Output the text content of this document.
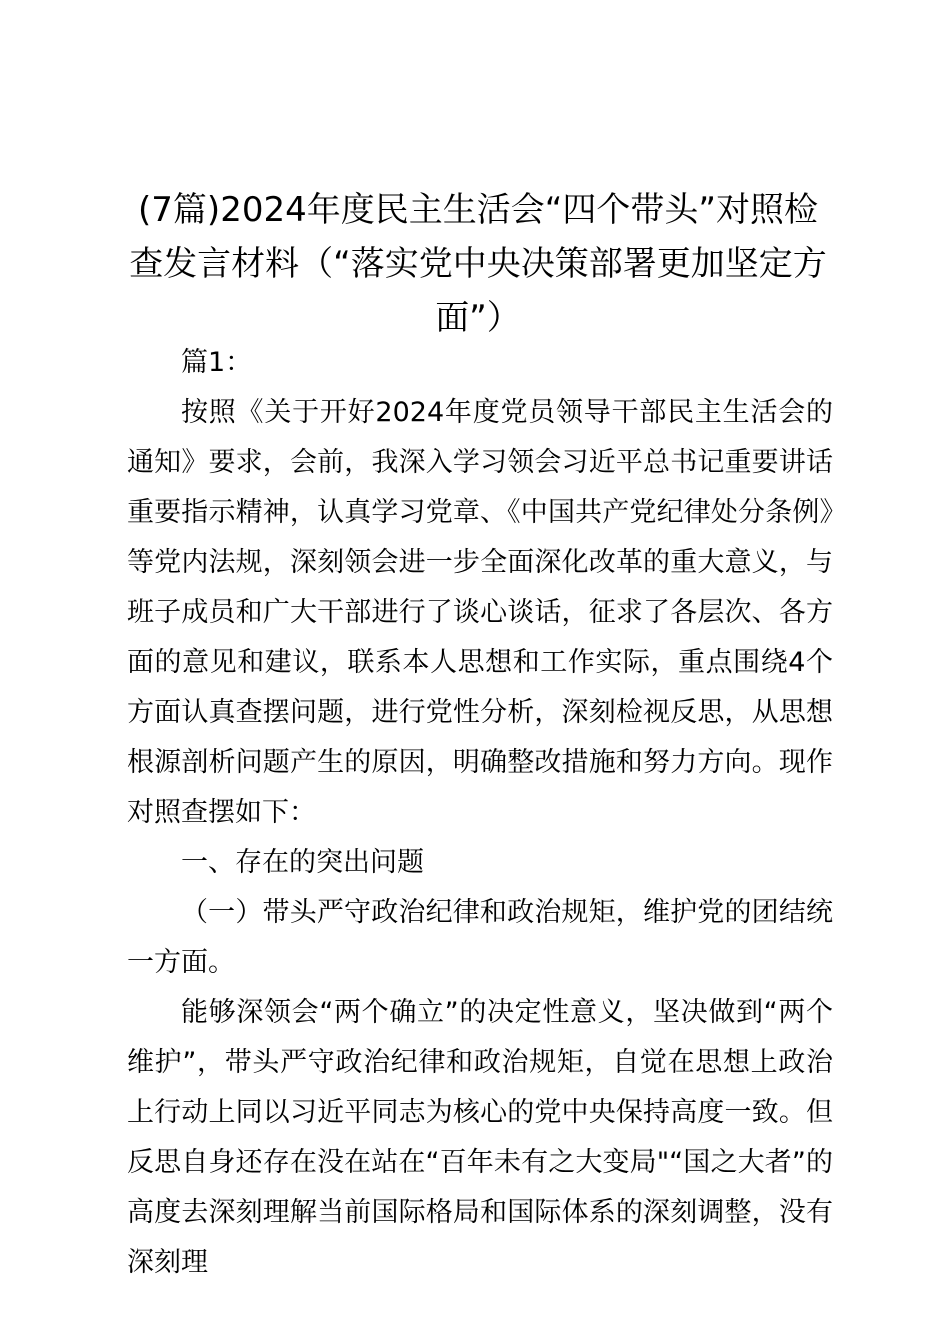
(7篇)2024年度民主生活会“四个带头”对照检查发言材料（“落实党中央决策部署更加坚定方面”）

篇1：

按照《关于开好2024年度党员领导干部民主生活会的通知》要求，会前，我深入学习领会习近平总书记重要讲话重要指示精神，认真学习党章、《中国共产党纪律处分条例》等党内法规，深刻领会进一步全面深化改革的重大意义，与班子成员和广大干部进行了谈心谈话，征求了各层次、各方面的意见和建议，联系本人思想和工作实际，重点围绕4个方面认真查摆问题，进行党性分析，深刻检视反思，从思想根源剖析问题产生的原因，明确整改措施和努力方向。现作对照查摆如下：

一、存在的突出问题

（一）带头严守政治纪律和政治规矩，维护党的团结统一方面。

能够深领会“两个确立”的决定性意义，坚决做到“两个维护”，带头严守政治纪律和政治规矩，自觉在思想上政治上行动上同以习近平同志为核心的党中央保持高度一致。但反思自身还存在没在站在“百年未有之大变局"“国之大者”的高度去深刻理解当前国际格局和国际体系的深刻调整，没有深刻理
